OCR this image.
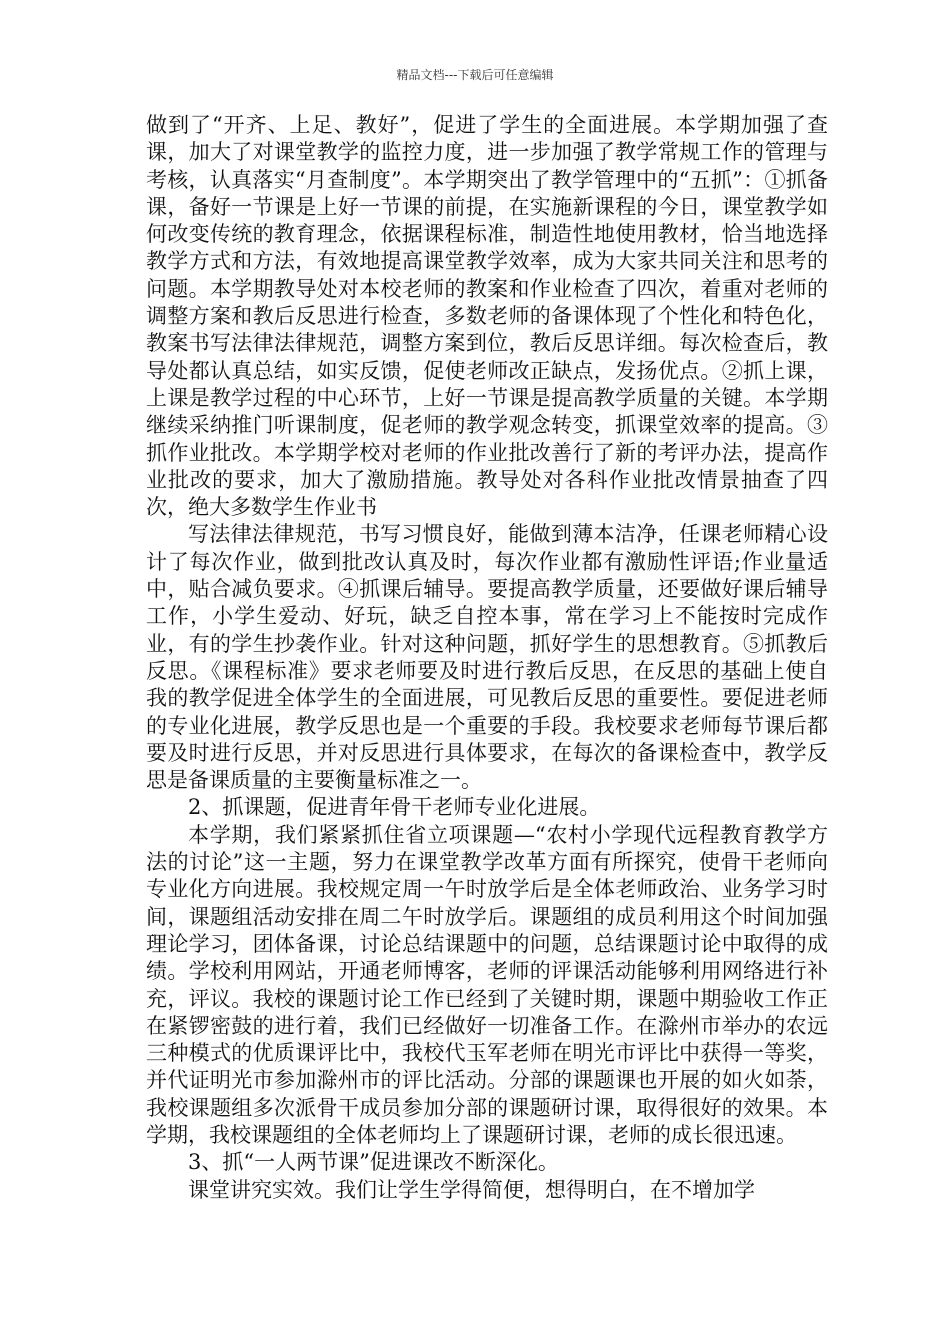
精品文档---下载后可任意编辑

做到了“开齐、上足、教好”，促进了学生的全面进展。本学期加强了查课，加大了对课堂教学的监控力度，进一步加强了教学常规工作的管理与考核，认真落实“月查制度”。本学期突出了教学管理中的“五抓”：①抓备课，备好一节课是上好一节课的前提，在实施新课程的今日，课堂教学如何改变传统的教育理念，依据课程标准，制造性地使用教材，恰当地选择教学方式和方法，有效地提高课堂教学效率，成为大家共同关注和思考的问题。本学期教导处对本校老师的教案和作业检查了四次，着重对老师的调整方案和教后反思进行检查，多数老师的备课体现了个性化和特色化，教案书写法律法律规范，调整方案到位，教后反思详细。每次检查后，教导处都认真总结，如实反馈，促使老师改正缺点，发扬优点。②抓上课，上课是教学过程的中心环节，上好一节课是提高教学质量的关键。本学期继续采纳推门听课制度，促老师的教学观念转变，抓课堂效率的提高。③抓作业批改。本学期学校对老师的作业批改善行了新的考评办法，提高作业批改的要求，加大了激励措施。教导处对各科作业批改情景抽查了四次，绝大多数学生作业书

写法律法律规范，书写习惯良好，能做到薄本洁净，任课老师精心设计了每次作业，做到批改认真及时，每次作业都有激励性评语;作业量适中，贴合减负要求。④抓课后辅导。要提高教学质量，还要做好课后辅导工作，小学生爱动、好玩，缺乏自控本事，常在学习上不能按时完成作业，有的学生抄袭作业。针对这种问题，抓好学生的思想教育。⑤抓教后反思。《课程标准》要求老师要及时进行教后反思，在反思的基础上使自我的教学促进全体学生的全面进展，可见教后反思的重要性。要促进老师的专业化进展，教学反思也是一个重要的手段。我校要求老师每节课后都要及时进行反思，并对反思进行具体要求，在每次的备课检查中，教学反思是备课质量的主要衡量标准之一。

2、抓课题，促进青年骨干老师专业化进展。

本学期，我们紧紧抓住省立项课题—“农村小学现代远程教育教学方法的讨论”这一主题，努力在课堂教学改革方面有所探究，使骨干老师向专业化方向进展。我校规定周一午时放学后是全体老师政治、业务学习时间，课题组活动安排在周二午时放学后。课题组的成员利用这个时间加强理论学习，团体备课，讨论总结课题中的问题，总结课题讨论中取得的成绩。学校利用网站，开通老师博客，老师的评课活动能够利用网络进行补充，评议。我校的课题讨论工作已经到了关键时期，课题中期验收工作正在紧锣密鼓的进行着，我们已经做好一切准备工作。在滁州市举办的农远三种模式的优质课评比中，我校代玉军老师在明光市评比中获得一等奖，并代证明光市参加滁州市的评比活动。分部的课题课也开展的如火如荼，我校课题组多次派骨干成员参加分部的课题研讨课，取得很好的效果。本学期，我校课题组的全体老师均上了课题研讨课，老师的成长很迅速。

3、抓“一人两节课”促进课改不断深化。

课堂讲究实效。我们让学生学得简便，想得明白，在不增加学
